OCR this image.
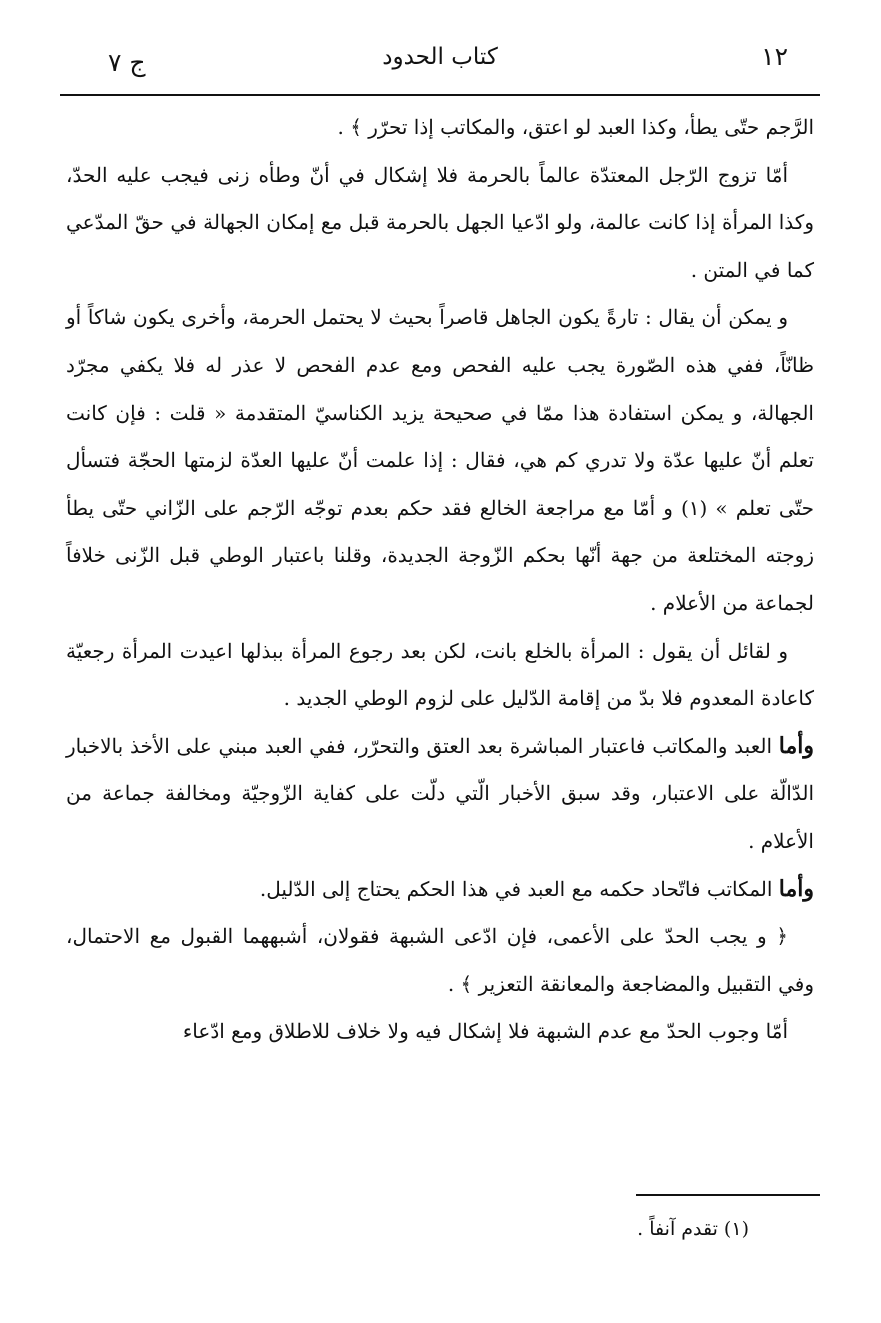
١٢
كتاب الحدود
ج ٧

الرَّجم حتّى يطأ، وكذا العبد لو اعتق، والمكاتب إذا تحرّر ﴾ .

أمّا تزوج الرّجل المعتدّة عالماً بالحرمة فلا إشكال في أنّ وطأه زنى فيجب عليه الحدّ، وكذا المرأة إذا كانت عالمة، ولو ادّعيا الجهل بالحرمة قبل مع إمكان الجهالة في حقّ المدّعي كما في المتن .

و يمكن أن يقال : تارةً يكون الجاهل قاصراً بحيث لا يحتمل الحرمة، وأخرى يكون شاكاً أو ظانّاً، ففي هذه الصّورة يجب عليه الفحص ومع عدم الفحص لا عذر له فلا يكفي مجرّد الجهالة، و يمكن استفادة هذا ممّا في صحيحة يزيد الكناسيّ المتقدمة « قلت : فإن كانت تعلم أنّ عليها عدّة ولا تدري كم هي، فقال : إذا علمت أنّ عليها العدّة لزمتها الحجّة فتسأل حتّى تعلم » (١) و أمّا مع مراجعة الخالع فقد حكم بعدم توجّه الرّجم على الزّاني حتّى يطأ زوجته المختلعة من جهة أنّها بحكم الزّوجة الجديدة، وقلنا باعتبار الوطي قبل الزّنى خلافاً لجماعة من الأعلام .

و لقائل أن يقول : المرأة بالخلع بانت، لكن بعد رجوع المرأة ببذلها اعيدت المرأة رجعيّة كاعادة المعدوم فلا بدّ من إقامة الدّليل على لزوم الوطي الجديد .

وأما العبد والمكاتب فاعتبار المباشرة بعد العتق والتحرّر، ففي العبد مبني على الأخذ بالاخبار الدّالّة على الاعتبار، وقد سبق الأخبار الّتي دلّت على كفاية الزّوجيّة ومخالفة جماعة من الأعلام .

وأما المكاتب فاتّحاد حكمه مع العبد في هذا الحكم يحتاج إلى الدّليل.

﴿ و يجب الحدّ على الأعمى، فإن ادّعى الشبهة فقولان، أشبههما القبول مع الاحتمال، وفي التقبيل والمضاجعة والمعانقة التعزير ﴾ .

أمّا وجوب الحدّ مع عدم الشبهة فلا إشكال فيه ولا خلاف للاطلاق ومع ادّعاء

(١) تقدم آنفاً .
